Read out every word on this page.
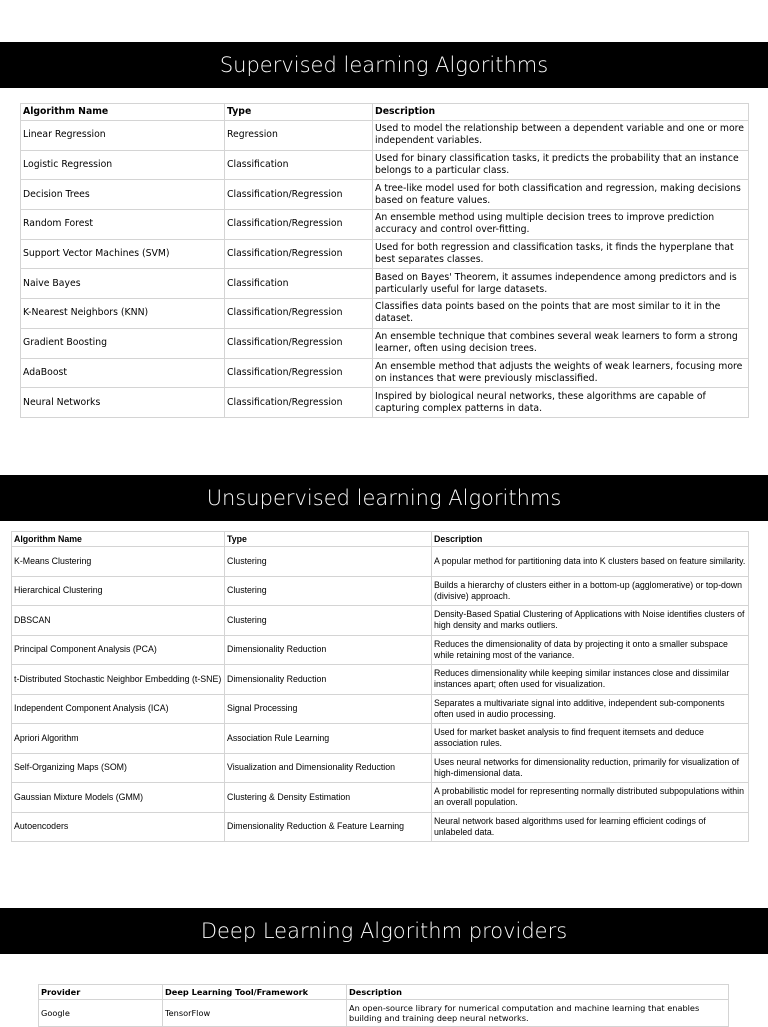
Supervised learning Algorithms
Algorithm Name	Type	Description
Linear Regression	Regression	Used to model the relationship between a dependent variable and one or more independent variables.
Logistic Regression	Classification	Used for binary classification tasks, it predicts the probability that an instance belongs to a particular class.
Decision Trees	Classification/Regression	A tree-like model used for both classification and regression, making decisions based on feature values.
Random Forest	Classification/Regression	An ensemble method using multiple decision trees to improve prediction accuracy and control over-fitting.
Support Vector Machines (SVM)	Classification/Regression	Used for both regression and classification tasks, it finds the hyperplane that best separates classes.
Naive Bayes	Classification	Based on Bayes' Theorem, it assumes independence among predictors and is particularly useful for large datasets.
K-Nearest Neighbors (KNN)	Classification/Regression	Classifies data points based on the points that are most similar to it in the dataset.
Gradient Boosting	Classification/Regression	An ensemble technique that combines several weak learners to form a strong learner, often using decision trees.
AdaBoost	Classification/Regression	An ensemble method that adjusts the weights of weak learners, focusing more on instances that were previously misclassified.
Neural Networks	Classification/Regression	Inspired by biological neural networks, these algorithms are capable of capturing complex patterns in data.
Unsupervised learning Algorithms
Algorithm Name	Type	Description
K-Means Clustering	Clustering	A popular method for partitioning data into K clusters based on feature similarity.
Hierarchical Clustering	Clustering	Builds a hierarchy of clusters either in a bottom-up (agglomerative) or top-down (divisive) approach.
DBSCAN	Clustering	Density-Based Spatial Clustering of Applications with Noise identifies clusters of high density and marks outliers.
Principal Component Analysis (PCA)	Dimensionality Reduction	Reduces the dimensionality of data by projecting it onto a smaller subspace while retaining most of the variance.
t-Distributed Stochastic Neighbor Embedding (t-SNE)	Dimensionality Reduction	Reduces dimensionality while keeping similar instances close and dissimilar instances apart; often used for visualization.
Independent Component Analysis (ICA)	Signal Processing	Separates a multivariate signal into additive, independent sub-components often used in audio processing.
Apriori Algorithm	Association Rule Learning	Used for market basket analysis to find frequent itemsets and deduce association rules.
Self-Organizing Maps (SOM)	Visualization and Dimensionality Reduction	Uses neural networks for dimensionality reduction, primarily for visualization of high-dimensional data.
Gaussian Mixture Models (GMM)	Clustering & Density Estimation	A probabilistic model for representing normally distributed subpopulations within an overall population.
Autoencoders	Dimensionality Reduction & Feature Learning	Neural network based algorithms used for learning efficient codings of unlabeled data.
Deep Learning Algorithm providers
Provider	Deep Learning Tool/Framework	Description
Google	TensorFlow	An open-source library for numerical computation and machine learning that enables building and training deep neural networks.
